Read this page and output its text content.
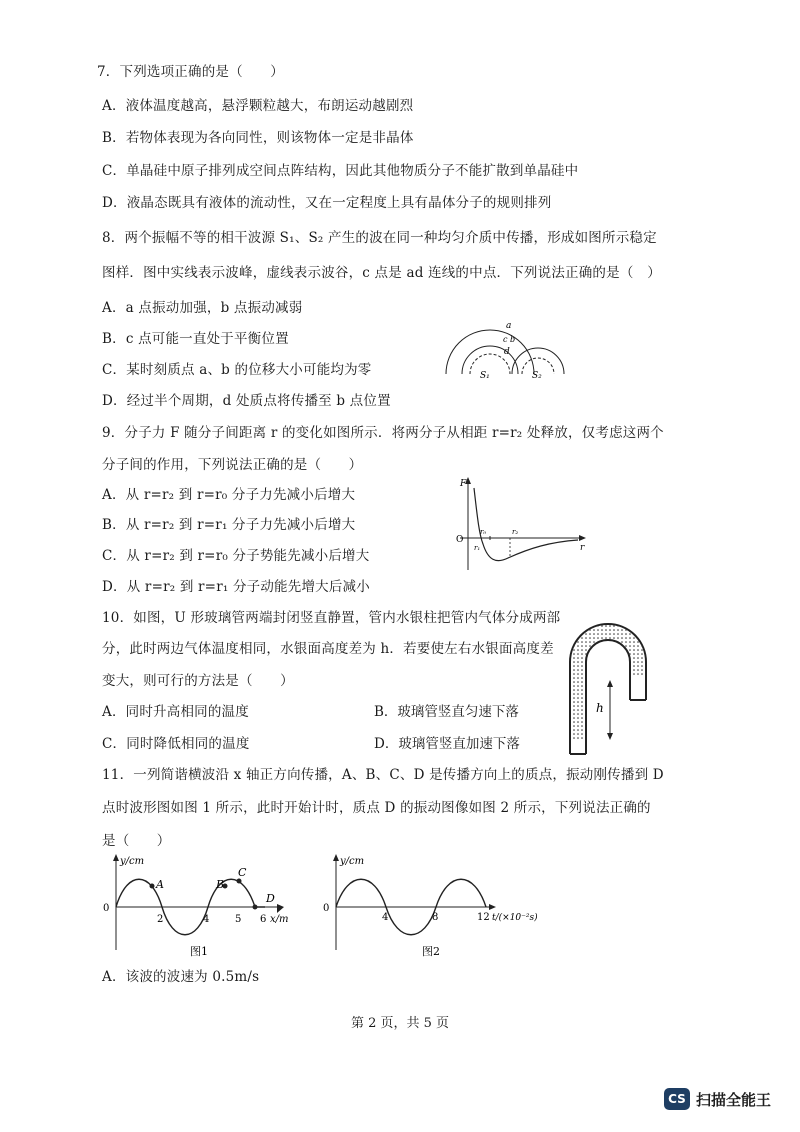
7．下列选项正确的是（　　）
A．液体温度越高，悬浮颗粒越大，布朗运动越剧烈
B．若物体表现为各向同性，则该物体一定是非晶体
C．单晶硅中原子排列成空间点阵结构，因此其他物质分子不能扩散到单晶硅中
D．液晶态既具有液体的流动性，又在一定程度上具有晶体分子的规则排列
8．两个振幅不等的相干波源 S₁、S₂ 产生的波在同一种均匀介质中传播，形成如图所示稳定
图样．图中实线表示波峰，虚线表示波谷，c 点是 ad 连线的中点．下列说法正确的是（　）
A．a 点振动加强，b 点振动减弱
B．c 点可能一直处于平衡位置
C．某时刻质点 a、b 的位移大小可能均为零
D．经过半个周期，d 处质点将传播至 b 点位置
a
b
c
d
S₁	S₂
9．分子力 F 随分子间距离 r 的变化如图所示．将两分子从相距 r=r₂ 处释放，仅考虑这两个
分子间的作用，下列说法正确的是（　　）
A．从 r=r₂ 到 r=r₀ 分子力先减小后增大
B．从 r=r₂ 到 r=r₁ 分子力先减小后增大
C．从 r=r₂ 到 r=r₀ 分子势能先减小后增大
D．从 r=r₂ 到 r=r₁ 分子动能先增大后减小
F
O
r
r₀
r₁
r₂
10．如图，U 形玻璃管两端封闭竖直静置，管内水银柱把管内气体分成两部
分，此时两边气体温度相同，水银面高度差为 h．若要使左右水银面高度差
变大，则可行的方法是（　　）
A．同时升高相同的温度	B．玻璃管竖直匀速下落
C．同时降低相同的温度	D．玻璃管竖直加速下落
h
11．一列简谐横波沿 x 轴正方向传播，A、B、C、D 是传播方向上的质点，振动刚传播到 D
点时波形图如图 1 所示，此时开始计时，质点 D 的振动图像如图 2 所示，下列说法正确的
是（　　）
y/cm
0
2	4	5 6 x/m
A	B
C
D
图1
y/cm
0
4	8	12 t/(×10⁻²s)
图2
A．该波的波速为 0.5m/s
第 2 页，共 5 页
CS 扫描全能王
